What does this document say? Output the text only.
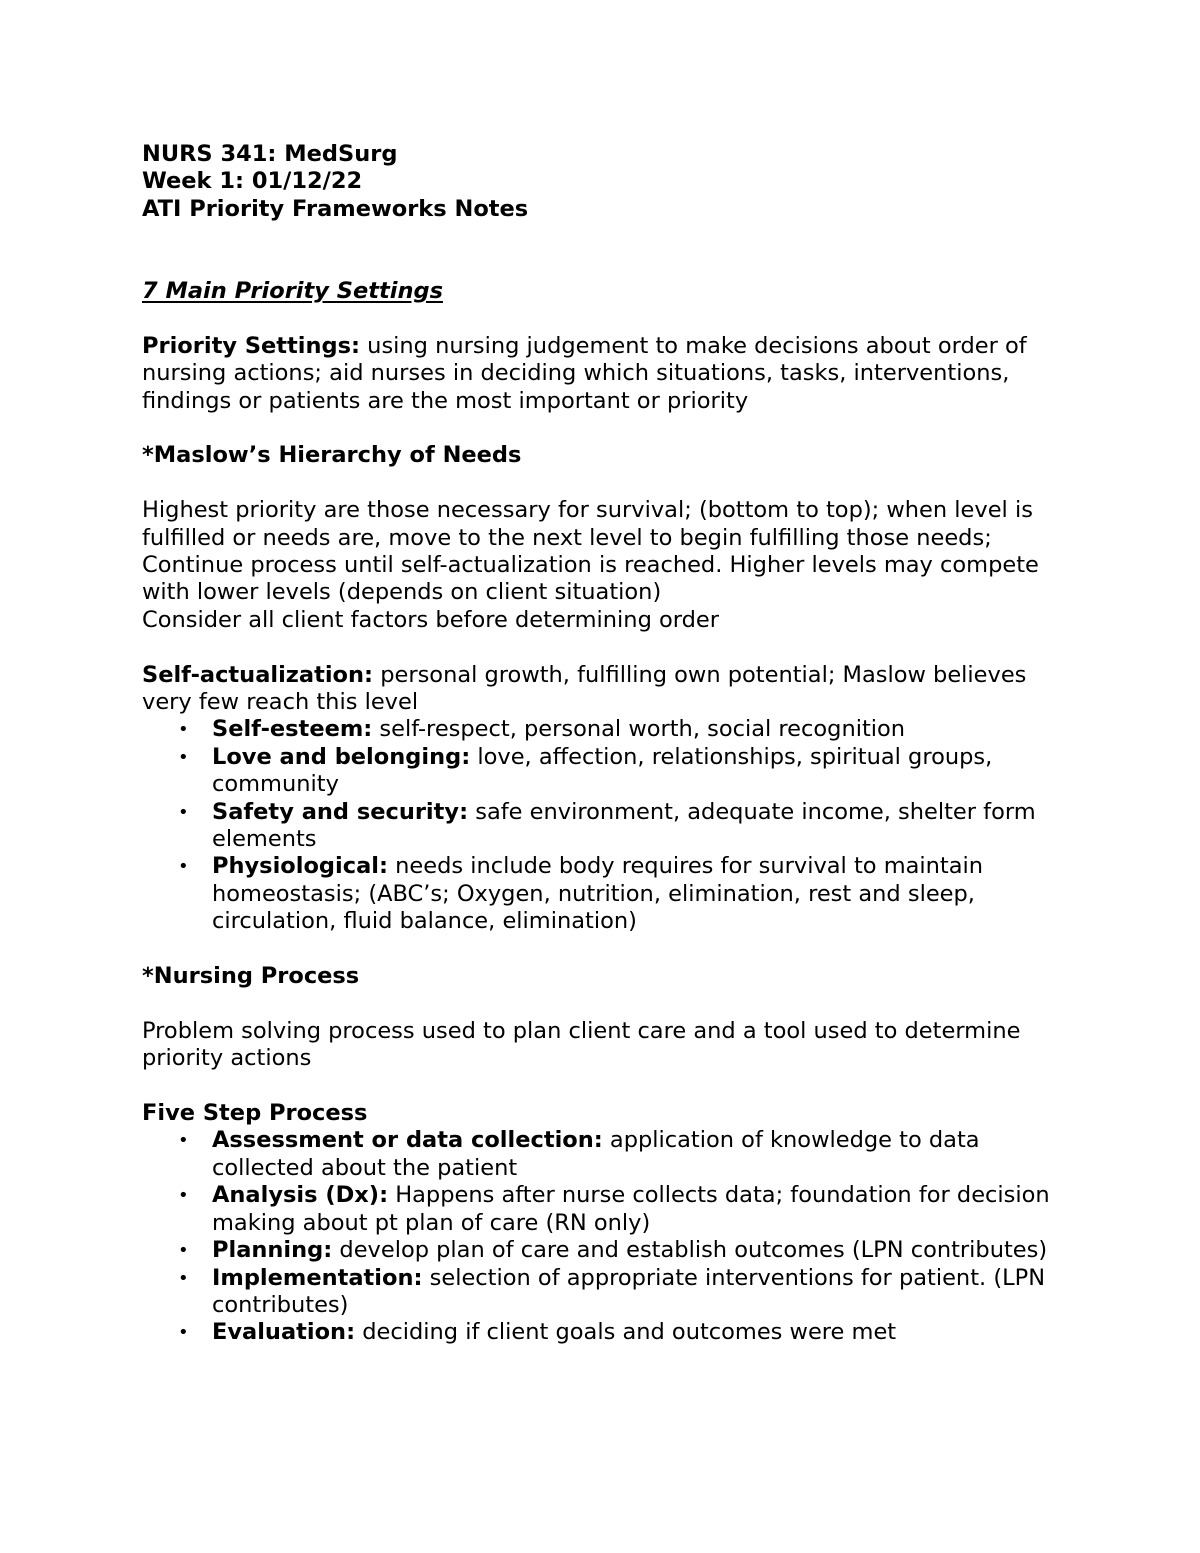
NURS 341: MedSurg

Week 1: 01/12/22

ATI Priority Frameworks Notes

7 Main Priority Settings

Priority Settings: using nursing judgement to make decisions about order of nursing actions; aid nurses in deciding which situations, tasks, interventions, findings or patients are the most important or priority

*Maslow’s Hierarchy of Needs

Highest priority are those necessary for survival; (bottom to top); when level is fulfilled or needs are, move to the next level to begin fulfilling those needs; Continue process until self-actualization is reached. Higher levels may compete with lower levels (depends on client situation)

Consider all client factors before determining order

Self-actualization: personal growth, fulfilling own potential; Maslow believes very few reach this level

• Self-esteem: self-respect, personal worth, social recognition
• Love and belonging: love, affection, relationships, spiritual groups, community
• Safety and security: safe environment, adequate income, shelter form elements
• Physiological: needs include body requires for survival to maintain homeostasis; (ABC’s; Oxygen, nutrition, elimination, rest and sleep, circulation, fluid balance, elimination)

*Nursing Process

Problem solving process used to plan client care and a tool used to determine priority actions

Five Step Process

• Assessment or data collection: application of knowledge to data collected about the patient
• Analysis (Dx): Happens after nurse collects data; foundation for decision making about pt plan of care (RN only)
• Planning: develop plan of care and establish outcomes (LPN contributes)
• Implementation: selection of appropriate interventions for patient. (LPN contributes)
• Evaluation: deciding if client goals and outcomes were met
